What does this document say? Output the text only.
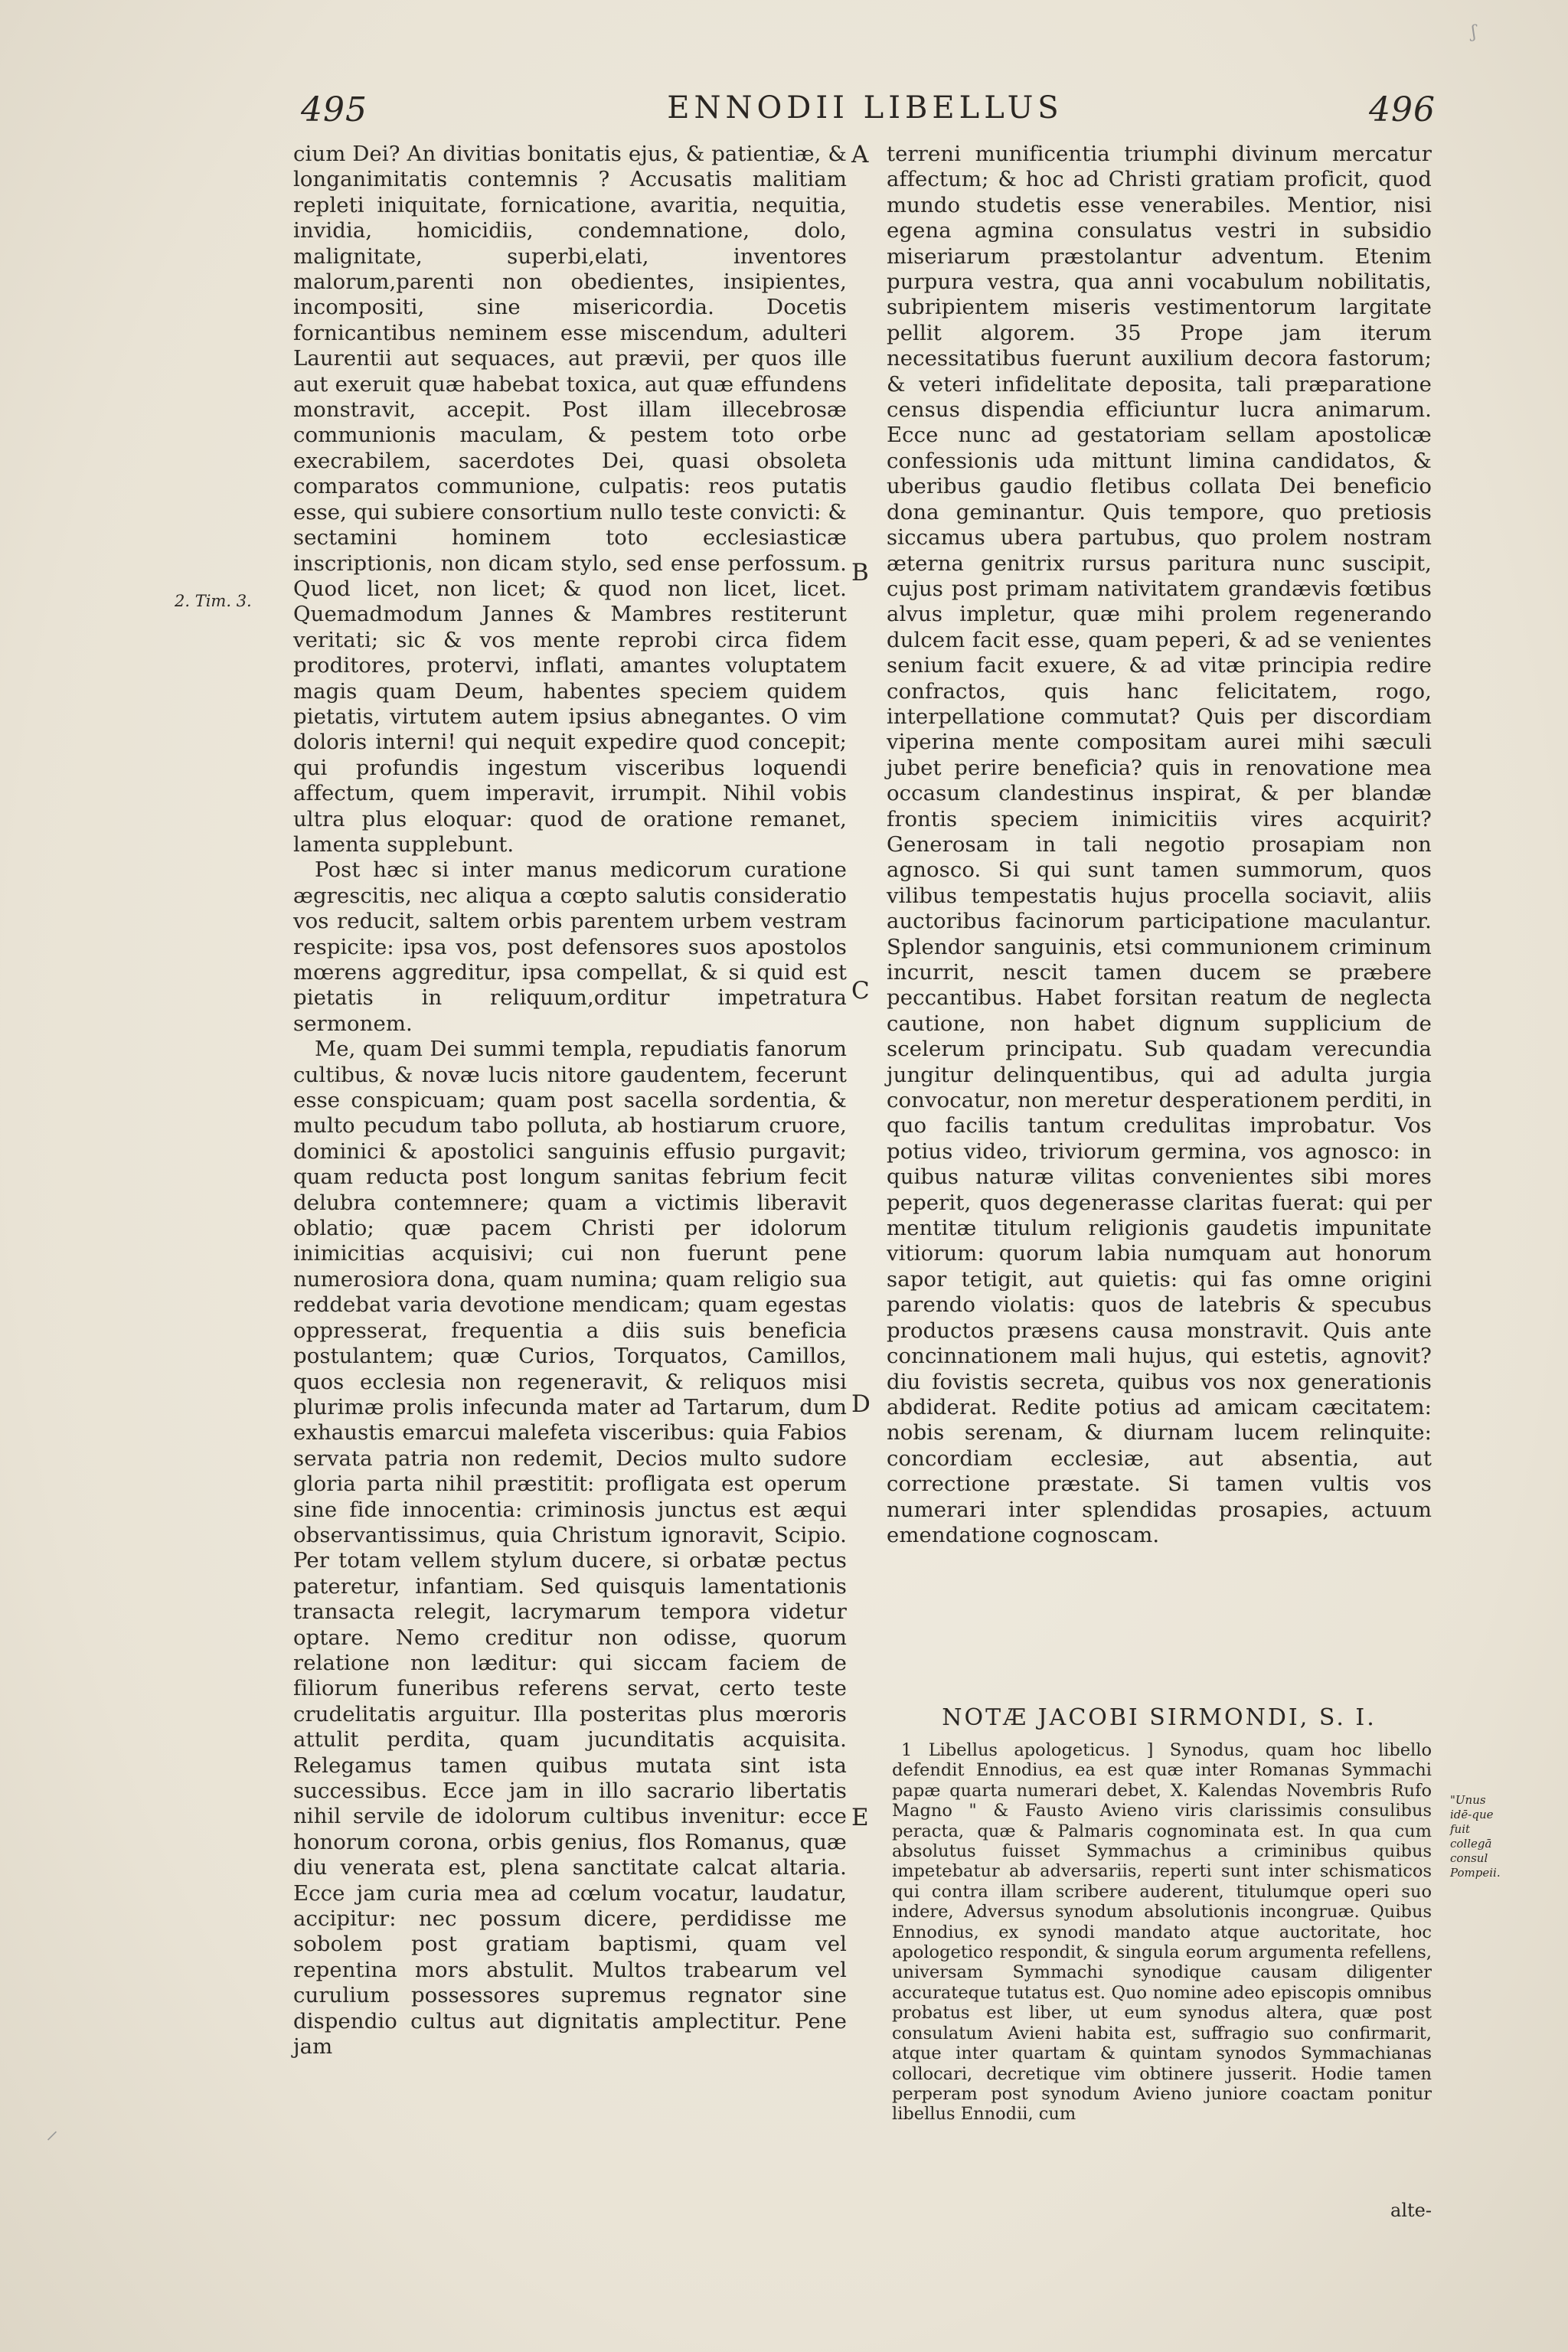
ʃ
495	ENNODII LIBELLUS	496
2. Tim. 3.

cium Dei? An divitias bonitatis ejus, & patientiæ, & longanimitatis contemnis ? Accusatis malitiam repleti iniquitate, fornicatione, avaritia, nequitia, invidia, homicidiis, condemnatione, dolo, malignitate, superbi,elati, inventores malorum,parenti non obedientes, insipientes, incompositi, sine misericordia. Docetis fornicantibus neminem esse miscendum, adulteri Laurentii aut sequaces, aut prævii, per quos ille aut exeruit quæ habebat toxica, aut quæ effundens monstravit, accepit. Post illam illecebrosæ communionis maculam, & pestem toto orbe execrabilem, sacerdotes Dei, quasi obsoleta comparatos communione, culpatis: reos putatis esse, qui subiere consortium nullo teste convicti: & sectamini hominem toto ecclesiasticæ inscriptionis, non dicam stylo, sed ense perfossum. Quod licet, non licet; & quod non licet, licet. Quemadmodum Jannes & Mambres restiterunt veritati; sic & vos mente reprobi circa fidem proditores, protervi, inflati, amantes voluptatem magis quam Deum, habentes speciem quidem pietatis, virtutem autem ipsius abnegantes. O vim doloris interni! qui nequit expedire quod concepit; qui profundis ingestum visceribus loquendi affectum, quem imperavit, irrumpit. Nihil vobis ultra plus eloquar: quod de oratione remanet, lamenta supplebunt.

Post hæc si inter manus medicorum curatione ægrescitis, nec aliqua a cœpto salutis consideratio vos reducit, saltem orbis parentem urbem vestram respicite: ipsa vos, post defensores suos apostolos mœrens aggreditur, ipsa compellat, & si quid est pietatis in reliquum,orditur impetratura sermonem.

Me, quam Dei summi templa, repudiatis fanorum cultibus, & novæ lucis nitore gaudentem, fecerunt esse conspicuam; quam post sacella sordentia, & multo pecudum tabo polluta, ab hostiarum cruore, dominici & apostolici sanguinis effusio purgavit; quam reducta post longum sanitas febrium fecit delubra contemnere; quam a victimis liberavit oblatio; quæ pacem Christi per idolorum inimicitias acquisivi; cui non fuerunt pene numerosiora dona, quam numina; quam religio sua reddebat varia devotione mendicam; quam egestas oppresserat, frequentia a diis suis beneficia postulantem; quæ Curios, Torquatos, Camillos, quos ecclesia non regeneravit, & reliquos misi plurimæ prolis infecunda mater ad Tartarum, dum exhaustis emarcui malefeta visceribus: quia Fabios servata patria non redemit, Decios multo sudore gloria parta nihil præstitit: profligata est operum sine fide innocentia: criminosis junctus est æqui observantissimus, quia Christum ignoravit, Scipio. Per totam vellem stylum ducere, si orbatæ pectus pateretur, infantiam. Sed quisquis lamentationis transacta relegit, lacrymarum tempora videtur optare. Nemo creditur non odisse, quorum relatione non læditur: qui siccam faciem de filiorum funeribus referens servat, certo teste crudelitatis arguitur. Illa posteritas plus mœroris attulit perdita, quam jucunditatis acquisita. Relegamus tamen quibus mutata sint ista successibus. Ecce jam in illo sacrario libertatis nihil servile de idolorum cultibus invenitur: ecce honorum corona, orbis genius, flos Romanus, quæ diu venerata est, plena sanctitate calcat altaria. Ecce jam curia mea ad cœlum vocatur, laudatur, accipitur: nec possum dicere, perdidisse me sobolem post gratiam baptismi, quam vel repentina mors abstulit. Multos trabearum vel curulium possessores supremus regnator sine dispendio cultus aut dignitatis amplectitur. Pene jam

A
B
C
D
E

terreni munificentia triumphi divinum mercatur affectum; & hoc ad Christi gratiam proficit, quod mundo studetis esse venerabiles. Mentior, nisi egena agmina consulatus vestri in subsidio miseriarum præstolantur adventum. Etenim purpura vestra, qua anni vocabulum nobilitatis, subripientem miseris vestimentorum largitate pellit algorem. 35 Prope jam iterum necessitatibus fuerunt auxilium decora fastorum; & veteri infidelitate deposita, tali præparatione census dispendia efficiuntur lucra animarum. Ecce nunc ad gestatoriam sellam apostolicæ confessionis uda mittunt limina candidatos, & uberibus gaudio fletibus collata Dei beneficio dona geminantur. Quis tempore, quo pretiosis siccamus ubera partubus, quo prolem nostram æterna genitrix rursus paritura nunc suscipit, cujus post primam nativitatem grandævis fœtibus alvus impletur, quæ mihi prolem regenerando dulcem facit esse, quam peperi, & ad se venientes senium facit exuere, & ad vitæ principia redire confractos, quis hanc felicitatem, rogo, interpellatione commutat? Quis per discordiam viperina mente compositam aurei mihi sæculi jubet perire beneficia? quis in renovatione mea occasum clandestinus inspirat, & per blandæ frontis speciem inimicitiis vires acquirit? Generosam in tali negotio prosapiam non agnosco. Si qui sunt tamen summorum, quos vilibus tempestatis hujus procella sociavit, aliis auctoribus facinorum participatione maculantur. Splendor sanguinis, etsi communionem criminum incurrit, nescit tamen ducem se præbere peccantibus. Habet forsitan reatum de neglecta cautione, non habet dignum supplicium de scelerum principatu. Sub quadam verecundia jungitur delinquentibus, qui ad adulta jurgia convocatur, non meretur desperationem perditi, in quo facilis tantum credulitas improbatur. Vos potius video, triviorum germina, vos agnosco: in quibus naturæ vilitas convenientes sibi mores peperit, quos degenerasse claritas fuerat: qui per mentitæ titulum religionis gaudetis impunitate vitiorum: quorum labia numquam aut honorum sapor tetigit, aut quietis: qui fas omne origini parendo violatis: quos de latebris & specubus productos præsens causa monstravit. Quis ante concinnationem mali hujus, qui estetis, agnovit? diu fovistis secreta, quibus vos nox generationis abdiderat. Redite potius ad amicam cæcitatem: nobis serenam, & diurnam lucem relinquite: concordiam ecclesiæ, aut absentia, aut correctione præstate. Si tamen vultis vos numerari inter splendidas prosapies, actuum emendatione cognoscam.

NOTÆ JACOBI SIRMONDI, S. I.

1 Libellus apologeticus. ] Synodus, quam hoc libello defendit Ennodius, ea est quæ inter Romanas Symmachi papæ quarta numerari debet, X. Kalendas Novembris Rufo Magno " & Fausto Avieno viris clarissimis consulibus peracta, quæ & Palmaris cognominata est. In qua cum absolutus fuisset Symmachus a criminibus quibus impetebatur ab adversariis, reperti sunt inter schismaticos qui contra illam scribere auderent, titulumque operi suo indere, Adversus synodum absolutionis incongruæ. Quibus Ennodius, ex synodi mandato atque auctoritate, hoc apologetico respondit, & singula eorum argumenta refellens, universam Symmachi synodique causam diligenter accurateque tutatus est. Quo nomine adeo episcopis omnibus probatus est liber, ut eum synodus altera, quæ post consulatum Avieni habita est, suffragio suo confirmarit, atque inter quartam & quintam synodos Symmachianas collocari, decretique vim obtinere jusserit. Hodie tamen perperam post synodum Avieno juniore coactam ponitur libellus Ennodii, cum

alte-
"Unus idē-que fuit collegā consul Pompeii.
⸝
